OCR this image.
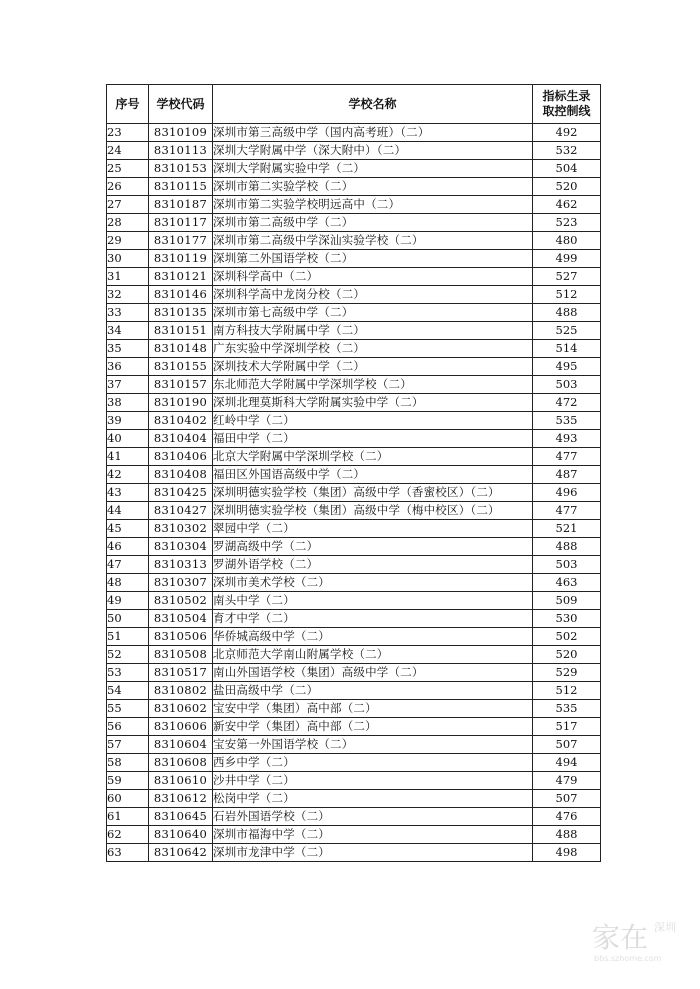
序号	学校代码	学校名称	指标生录
取控制线
23	8310109	深圳市第三高级中学（国内高考班）（二）	492
24	8310113	深圳大学附属中学（深大附中）（二）	532
25	8310153	深圳大学附属实验中学（二）	504
26	8310115	深圳市第二实验学校（二）	520
27	8310187	深圳市第二实验学校明远高中（二）	462
28	8310117	深圳市第二高级中学（二）	523
29	8310177	深圳市第二高级中学深汕实验学校（二）	480
30	8310119	深圳第二外国语学校（二）	499
31	8310121	深圳科学高中（二）	527
32	8310146	深圳科学高中龙岗分校（二）	512
33	8310135	深圳市第七高级中学（二）	488
34	8310151	南方科技大学附属中学（二）	525
35	8310148	广东实验中学深圳学校（二）	514
36	8310155	深圳技术大学附属中学（二）	495
37	8310157	东北师范大学附属中学深圳学校（二）	503
38	8310190	深圳北理莫斯科大学附属实验中学（二）	472
39	8310402	红岭中学（二）	535
40	8310404	福田中学（二）	493
41	8310406	北京大学附属中学深圳学校（二）	477
42	8310408	福田区外国语高级中学（二）	487
43	8310425	深圳明德实验学校（集团）高级中学（香蜜校区）（二）	496
44	8310427	深圳明德实验学校（集团）高级中学（梅中校区）（二）	477
45	8310302	翠园中学（二）	521
46	8310304	罗湖高级中学（二）	488
47	8310313	罗湖外语学校（二）	503
48	8310307	深圳市美术学校（二）	463
49	8310502	南头中学（二）	509
50	8310504	育才中学（二）	530
51	8310506	华侨城高级中学（二）	502
52	8310508	北京师范大学南山附属学校（二）	520
53	8310517	南山外国语学校（集团）高级中学（二）	529
54	8310802	盐田高级中学（二）	512
55	8310602	宝安中学（集团）高中部（二）	535
56	8310606	新安中学（集团）高中部（二）	517
57	8310604	宝安第一外国语学校（二）	507
58	8310608	西乡中学（二）	494
59	8310610	沙井中学（二）	479
60	8310612	松岗中学（二）	507
61	8310645	石岩外国语学校（二）	476
62	8310640	深圳市福海中学（二）	488
63	8310642	深圳市龙津中学（二）	498
家在 深圳
bbs.szhome.com
